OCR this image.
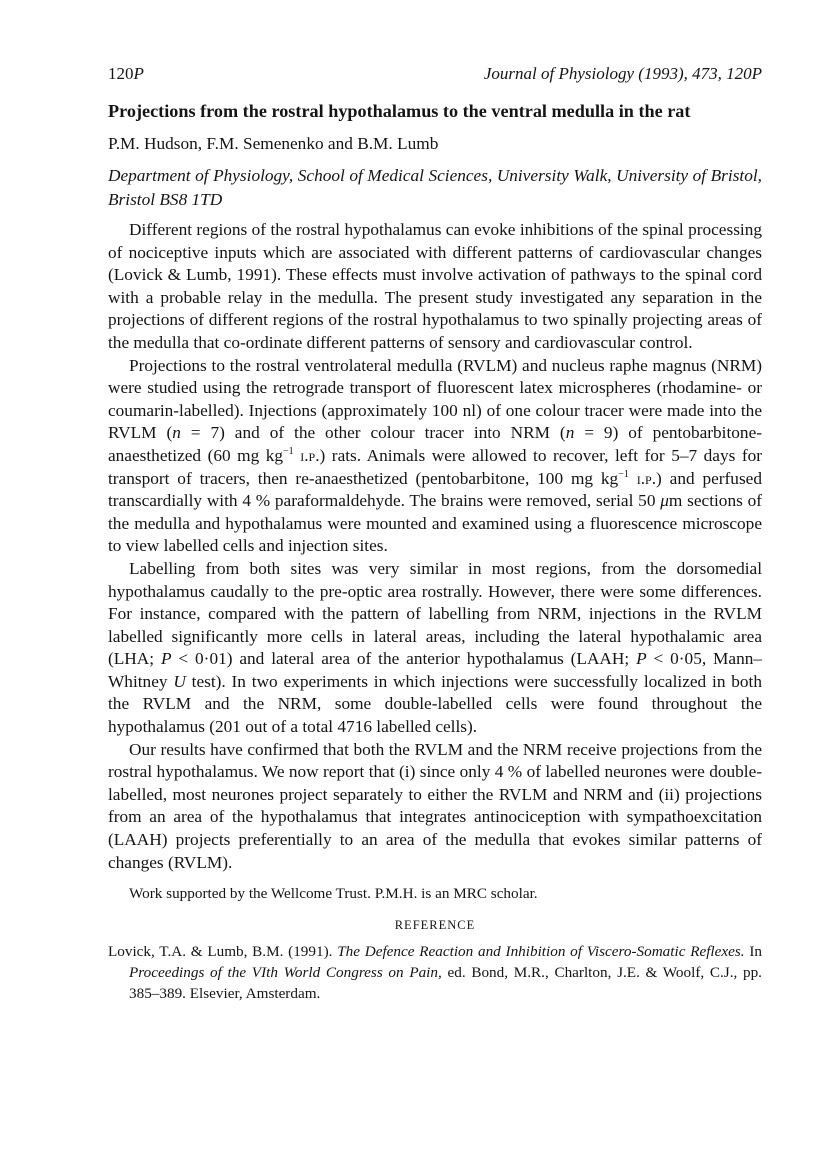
120P	Journal of Physiology (1993), 473, 120P
Projections from the rostral hypothalamus to the ventral medulla in the rat
P.M. Hudson, F.M. Semenenko and B.M. Lumb
Department of Physiology, School of Medical Sciences, University Walk, University of Bristol, Bristol BS8 1TD

Different regions of the rostral hypothalamus can evoke inhibitions of the spinal processing of nociceptive inputs which are associated with different patterns of cardiovascular changes (Lovick & Lumb, 1991). These effects must involve activation of pathways to the spinal cord with a probable relay in the medulla. The present study investigated any separation in the projections of different regions of the rostral hypothalamus to two spinally projecting areas of the medulla that co-ordinate different patterns of sensory and cardiovascular control.

Projections to the rostral ventrolateral medulla (RVLM) and nucleus raphe magnus (NRM) were studied using the retrograde transport of fluorescent latex microspheres (rhodamine- or coumarin-labelled). Injections (approximately 100 nl) of one colour tracer were made into the RVLM (n = 7) and of the other colour tracer into NRM (n = 9) of pentobarbitone-anaesthetized (60 mg $kg^{-1}$ i.p.) rats. Animals were allowed to recover, left for 5–7 days for transport of tracers, then re-anaesthetized (pentobarbitone, 100 mg $kg^{-1}$ i.p.) and perfused transcardially with 4 % paraformaldehyde. The brains were removed, serial 50 μm sections of the medulla and hypothalamus were mounted and examined using a fluorescence microscope to view labelled cells and injection sites.

Labelling from both sites was very similar in most regions, from the dorsomedial hypothalamus caudally to the pre-optic area rostrally. However, there were some differences. For instance, compared with the pattern of labelling from NRM, injections in the RVLM labelled significantly more cells in lateral areas, including the lateral hypothalamic area (LHA; P < 0·01) and lateral area of the anterior hypothalamus (LAAH; P < 0·05, Mann–Whitney U test). In two experiments in which injections were successfully localized in both the RVLM and the NRM, some double-labelled cells were found throughout the hypothalamus (201 out of a total 4716 labelled cells).

Our results have confirmed that both the RVLM and the NRM receive projections from the rostral hypothalamus. We now report that (i) since only 4 % of labelled neurones were double-labelled, most neurones project separately to either the RVLM and NRM and (ii) projections from an area of the hypothalamus that integrates antinociception with sympathoexcitation (LAAH) projects preferentially to an area of the medulla that evokes similar patterns of changes (RVLM).

Work supported by the Wellcome Trust. P.M.H. is an MRC scholar.
REFERENCE
Lovick, T.A. & Lumb, B.M. (1991). The Defence Reaction and Inhibition of Viscero-Somatic Reflexes. In Proceedings of the VIth World Congress on Pain, ed. Bond, M.R., Charlton, J.E. & Woolf, C.J., pp. 385–389. Elsevier, Amsterdam.
